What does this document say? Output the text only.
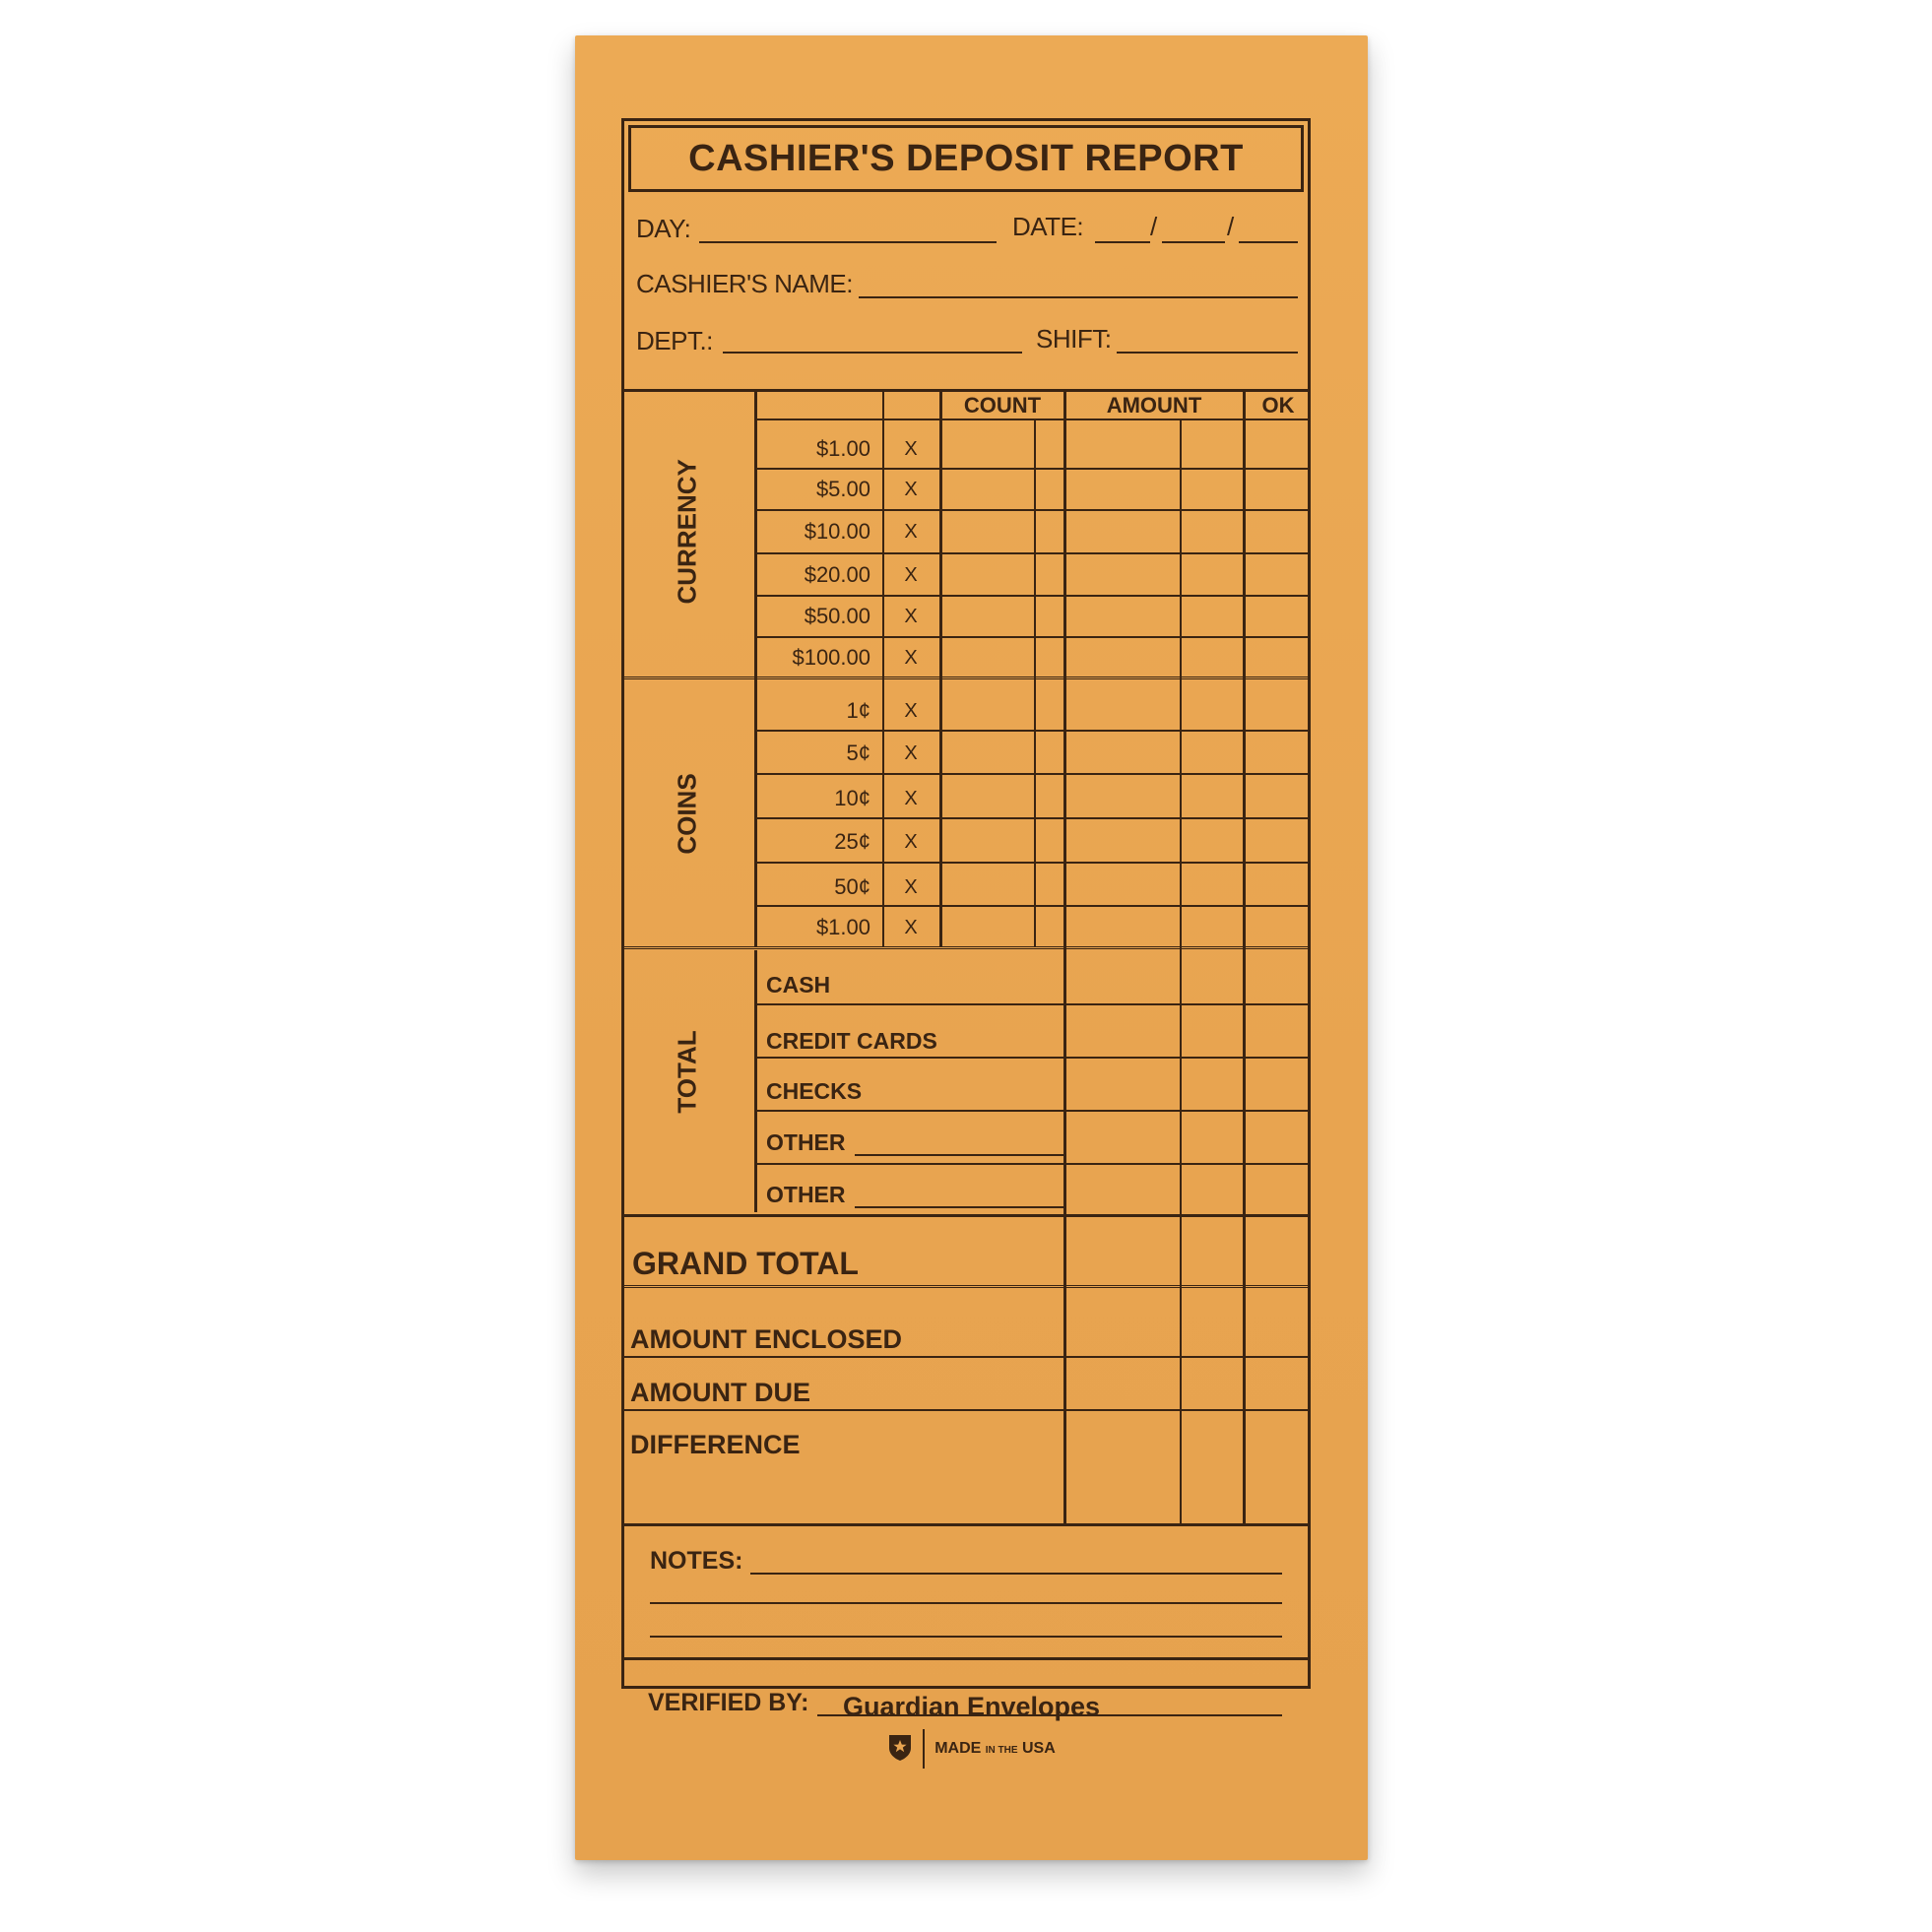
CASHIER'S DEPOSIT REPORT
DAY:	DATE:	/	/
CASHIER'S NAME:
DEPT.:	SHIFT:
COUNT	AMOUNT	OK
CURRENCY
$1.00	X
$5.00	X
$10.00	X
$20.00	X
$50.00	X
$100.00	X
COINS
1¢	X
5¢	X
10¢	X
25¢	X
50¢	X
$1.00	X
TOTAL
CASH
CREDIT CARDS
CHECKS
OTHER
OTHER
GRAND TOTAL
AMOUNT ENCLOSED
AMOUNT DUE
DIFFERENCE
NOTES:
VERIFIED BY:	Guardian Envelopes
MADE IN THE USA
